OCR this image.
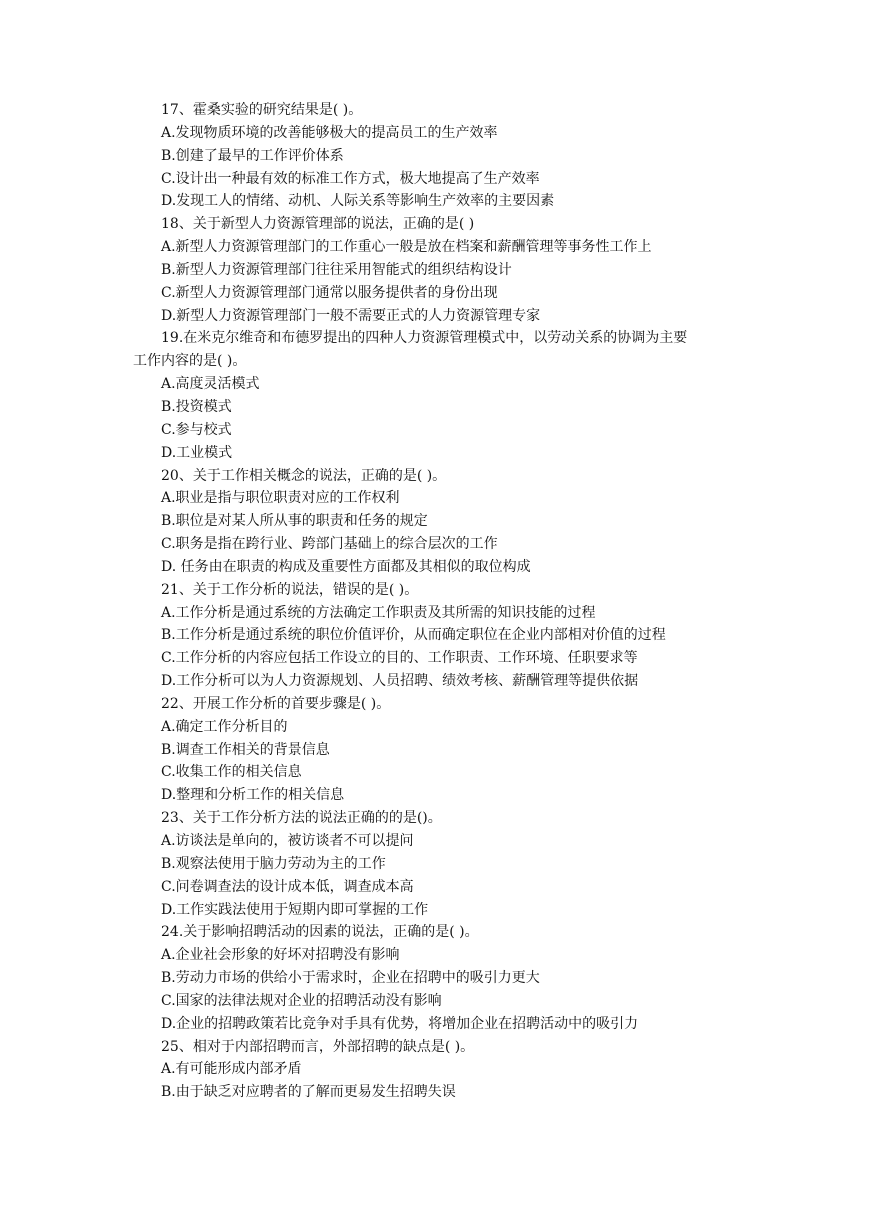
17、霍桑实验的研究结果是( )。
A.发现物质环境的改善能够极大的提高员工的生产效率
B.创建了最早的工作评价体系
C.设计出一种最有效的标准工作方式，极大地提高了生产效率
D.发现工人的情绪、动机、人际关系等影响生产效率的主要因素
18、关于新型人力资源管理部的说法，正确的是( )
A.新型人力资源管理部门的工作重心一般是放在档案和薪酬管理等事务性工作上
B.新型人力资源管理部门往往采用智能式的组织结构设计
C.新型人力资源管理部门通常以服务提供者的身份出现
D.新型人力资源管理部门一般不需要正式的人力资源管理专家
19.在米克尔维奇和布德罗提出的四种人力资源管理模式中，以劳动关系的协调为主要
工作内容的是( )。
A.高度灵活模式
B.投资模式
C.参与校式
D.工业模式
20、关于工作相关概念的说法，正确的是( )。
A.职业是指与职位职责对应的工作权利
B.职位是对某人所从事的职责和任务的规定
C.职务是指在跨行业、跨部门基础上的综合层次的工作
D. 任务由在职责的构成及重要性方面都及其相似的取位构成
21、关于工作分析的说法，错误的是( )。
A.工作分析是通过系统的方法确定工作职责及其所需的知识技能的过程
B.工作分析是通过系统的职位价值评价，从而确定职位在企业内部相对价值的过程
C.工作分析的内容应包括工作设立的目的、工作职责、工作环境、任职要求等
D.工作分析可以为人力资源规划、人员招聘、绩效考核、薪酬管理等提供依据
22、开展工作分析的首要步骤是( )。
A.确定工作分析目的
B.调查工作相关的背景信息
C.收集工作的相关信息
D.整理和分析工作的相关信息
23、关于工作分析方法的说法正确的的是()。
A.访谈法是单向的，被访谈者不可以提问
B.观察法使用于脑力劳动为主的工作
C.问卷调查法的设计成本低，调查成本高
D.工作实践法使用于短期内即可掌握的工作
24.关于影响招聘活动的因素的说法，正确的是( )。
A.企业社会形象的好坏对招聘没有影响
B.劳动力市场的供给小于需求时，企业在招聘中的吸引力更大
C.国家的法律法规对企业的招聘活动没有影响
D.企业的招聘政策若比竞争对手具有优势，将增加企业在招聘活动中的吸引力
25、相对于内部招聘而言，外部招聘的缺点是( )。
A.有可能形成内部矛盾
B.由于缺乏对应聘者的了解而更易发生招聘失误
